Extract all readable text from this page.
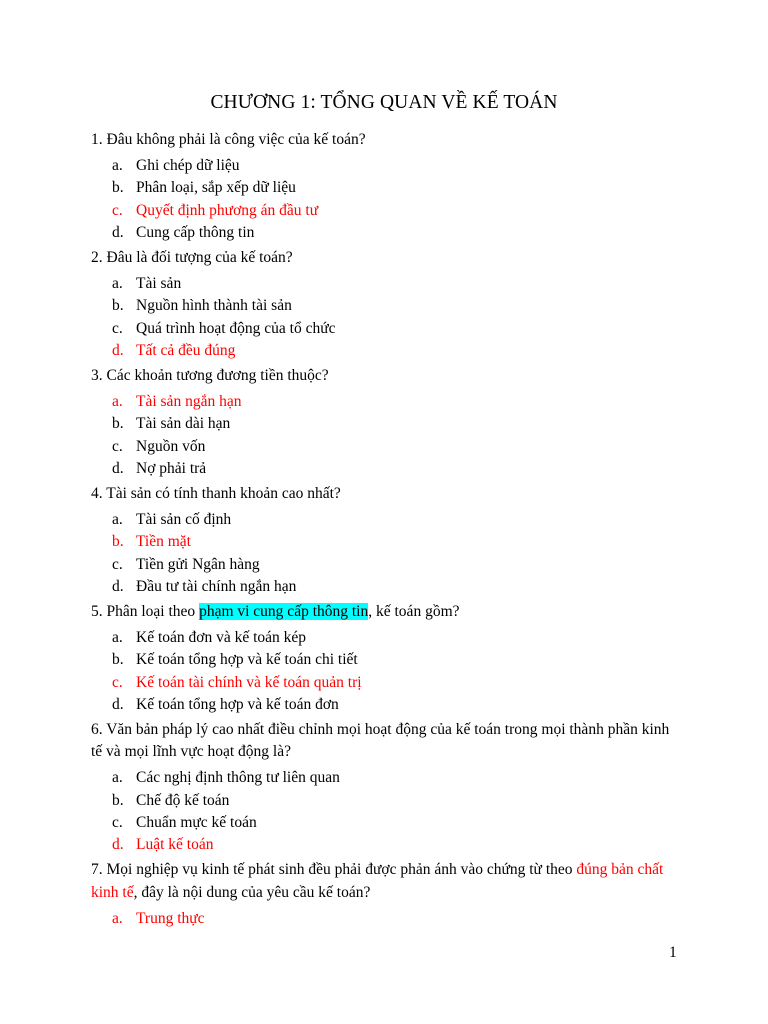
CHƯƠNG 1: TỔNG QUAN VỀ KẾ TOÁN

1. Đâu không phải là công việc của kế toán?

a. Ghi chép dữ liệu
b. Phân loại, sắp xếp dữ liệu
c. Quyết định phương án đầu tư
d. Cung cấp thông tin

2. Đâu là đối tượng của kế toán?

a. Tài sản
b. Nguồn hình thành tài sản
c. Quá trình hoạt động của tổ chức
d. Tất cả đều đúng

3. Các khoản tương đương tiền thuộc?

a. Tài sản ngắn hạn
b. Tài sản dài hạn
c. Nguồn vốn
d. Nợ phải trả

4. Tài sản có tính thanh khoản cao nhất?

a. Tài sản cố định
b. Tiền mặt
c. Tiền gửi Ngân hàng
d. Đầu tư tài chính ngắn hạn

5. Phân loại theo phạm vi cung cấp thông tin, kế toán gồm?

a. Kế toán đơn và kế toán kép
b. Kế toán tổng hợp và kế toán chi tiết
c. Kế toán tài chính và kế toán quản trị
d. Kế toán tổng hợp và kế toán đơn

6. Văn bản pháp lý cao nhất điều chỉnh mọi hoạt động của kế toán trong mọi thành phần kinh tế và mọi lĩnh vực hoạt động là?

a. Các nghị định thông tư liên quan
b. Chế độ kế toán
c. Chuẩn mực kế toán
d. Luật kế toán

7. Mọi nghiệp vụ kinh tế phát sinh đều phải được phản ánh vào chứng từ theo đúng bản chất kinh tế, đây là nội dung của yêu cầu kế toán?

a. Trung thực
1
